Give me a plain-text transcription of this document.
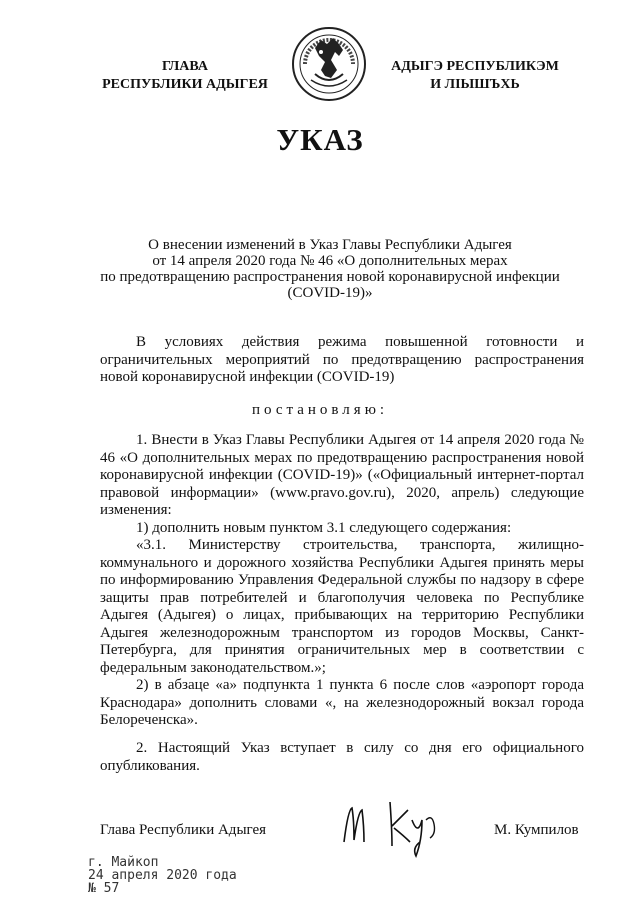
ГЛАВА
РЕСПУБЛИКИ АДЫГЕЯ
АДЫГЭ РЕСПУБЛИКЭМ
И ЛІЫШЪХЬ
УКАЗ
О внесении изменений в Указ Главы Республики Адыгея
от 14 апреля 2020 года № 46 «О дополнительных мерах
по предотвращению распространения новой коронавирусной инфекции
(COVID-19)»

В условиях действия режима повышенной готовности и ограничительных мероприятий по предотвращению распространения новой коронавирусной инфекции (COVID-19)

постановляю:

1. Внести в Указ Главы Республики Адыгея от 14 апреля 2020 года № 46 «О дополнительных мерах по предотвращению распространения новой коронавирусной инфекции (COVID-19)» («Официальный интернет-портал правовой информации» (www.pravo.gov.ru), 2020, апрель) следующие изменения:

1) дополнить новым пунктом 3.1 следующего содержания:

«3.1. Министерству строительства, транспорта, жилищно-коммунального и дорожного хозяйства Республики Адыгея принять меры по информированию Управления Федеральной службы по надзору в сфере защиты прав потребителей и благополучия человека по Республике Адыгея (Адыгея) о лицах, прибывающих на территорию Республики Адыгея железнодорожным транспортом из городов Москвы, Санкт-Петербурга, для принятия ограничительных мер в соответствии с федеральным законодательством.»;

2) в абзаце «а» подпункта 1 пункта 6 после слов «аэропорт города Краснодара» дополнить словами «, на железнодорожный вокзал города Белореченска».

2. Настоящий Указ вступает в силу со дня его официального опубликования.

Глава Республики Адыгея	М. Кумпилов
г. Майкоп
24 апреля 2020 года
№ 57
